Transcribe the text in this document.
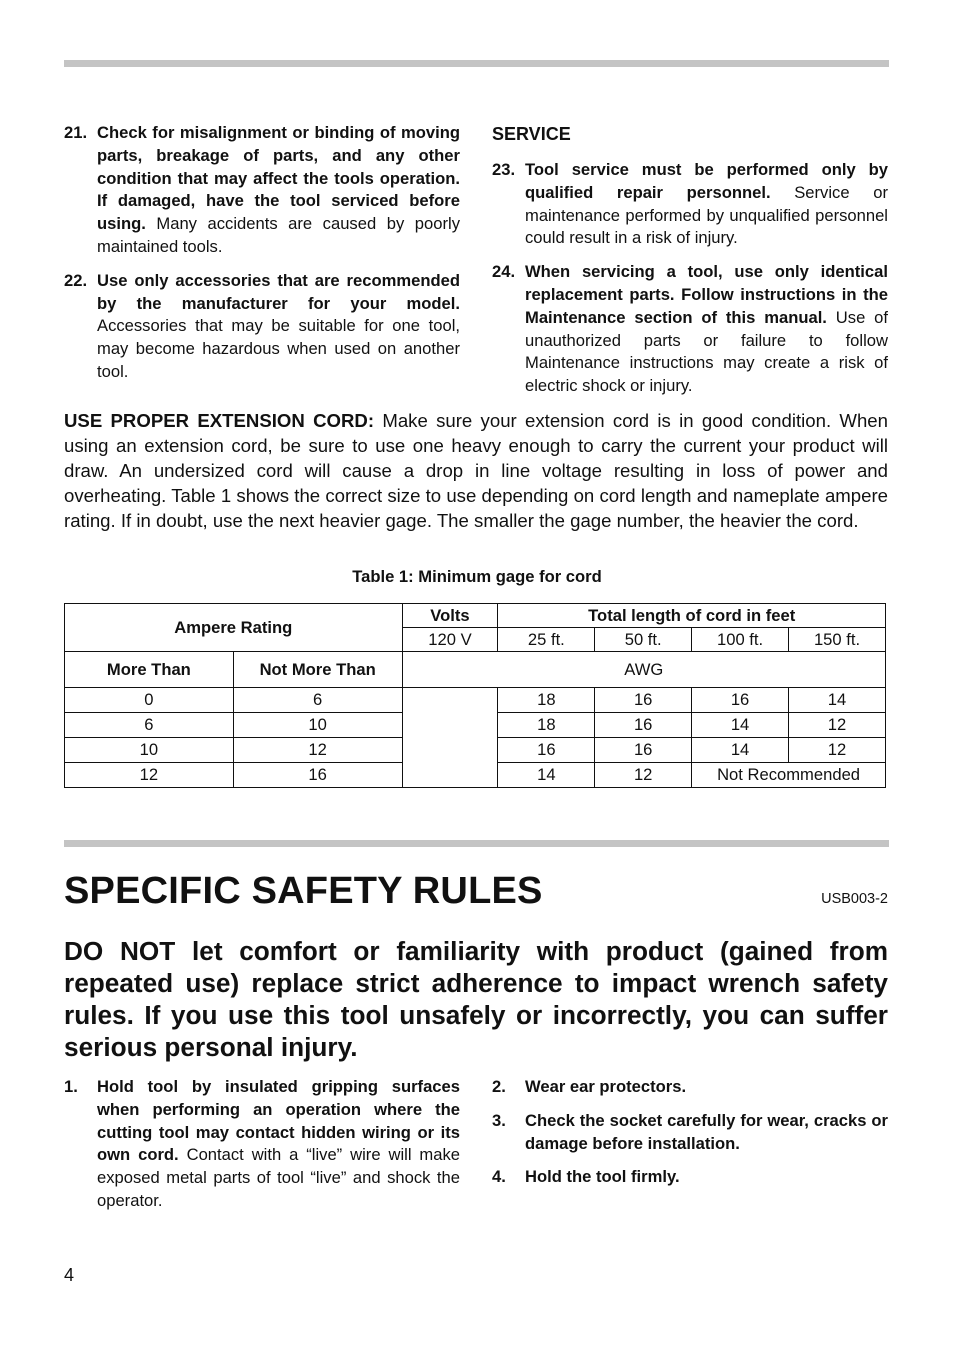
21. Check for misalignment or binding of moving parts, breakage of parts, and any other condition that may affect the tools operation. If damaged, have the tool serviced before using. Many accidents are caused by poorly maintained tools.
22. Use only accessories that are recommended by the manufacturer for your model. Accessories that may be suitable for one tool, may become hazardous when used on another tool.
SERVICE
23. Tool service must be performed only by qualified repair personnel. Service or maintenance performed by unqualified personnel could result in a risk of injury.
24. When servicing a tool, use only identical replacement parts. Follow instructions in the Maintenance section of this manual. Use of unauthorized parts or failure to follow Maintenance instructions may create a risk of electric shock or injury.
USE PROPER EXTENSION CORD: Make sure your extension cord is in good condition. When using an extension cord, be sure to use one heavy enough to carry the current your product will draw. An undersized cord will cause a drop in line voltage resulting in loss of power and overheating. Table 1 shows the correct size to use depending on cord length and nameplate ampere rating. If in doubt, use the next heavier gage. The smaller the gage number, the heavier the cord.
Table 1: Minimum gage for cord
Ampere Rating		Volts	Total length of cord in feet			
		120 V	25 ft.	50 ft.	100 ft.	150 ft.
More Than	Not More Than	AWG				
0	6		18	16	16	14
6	10		18	16	14	12
10	12		16	16	14	12
12	16		14	12	Not Recommended	
SPECIFIC SAFETY RULES	USB003-2
DO NOT let comfort or familiarity with product (gained from repeated use) replace strict adherence to impact wrench safety rules. If you use this tool unsafely or incorrectly, you can suffer serious personal injury.
1.	Hold tool by insulated gripping surfaces when performing an operation where the cutting tool may contact hidden wiring or its own cord. Contact with a “live” wire will make exposed metal parts of tool “live” and shock the operator.
2.	Wear ear protectors.
3.	Check the socket carefully for wear, cracks or damage before installation.
4.	Hold the tool firmly.
4
